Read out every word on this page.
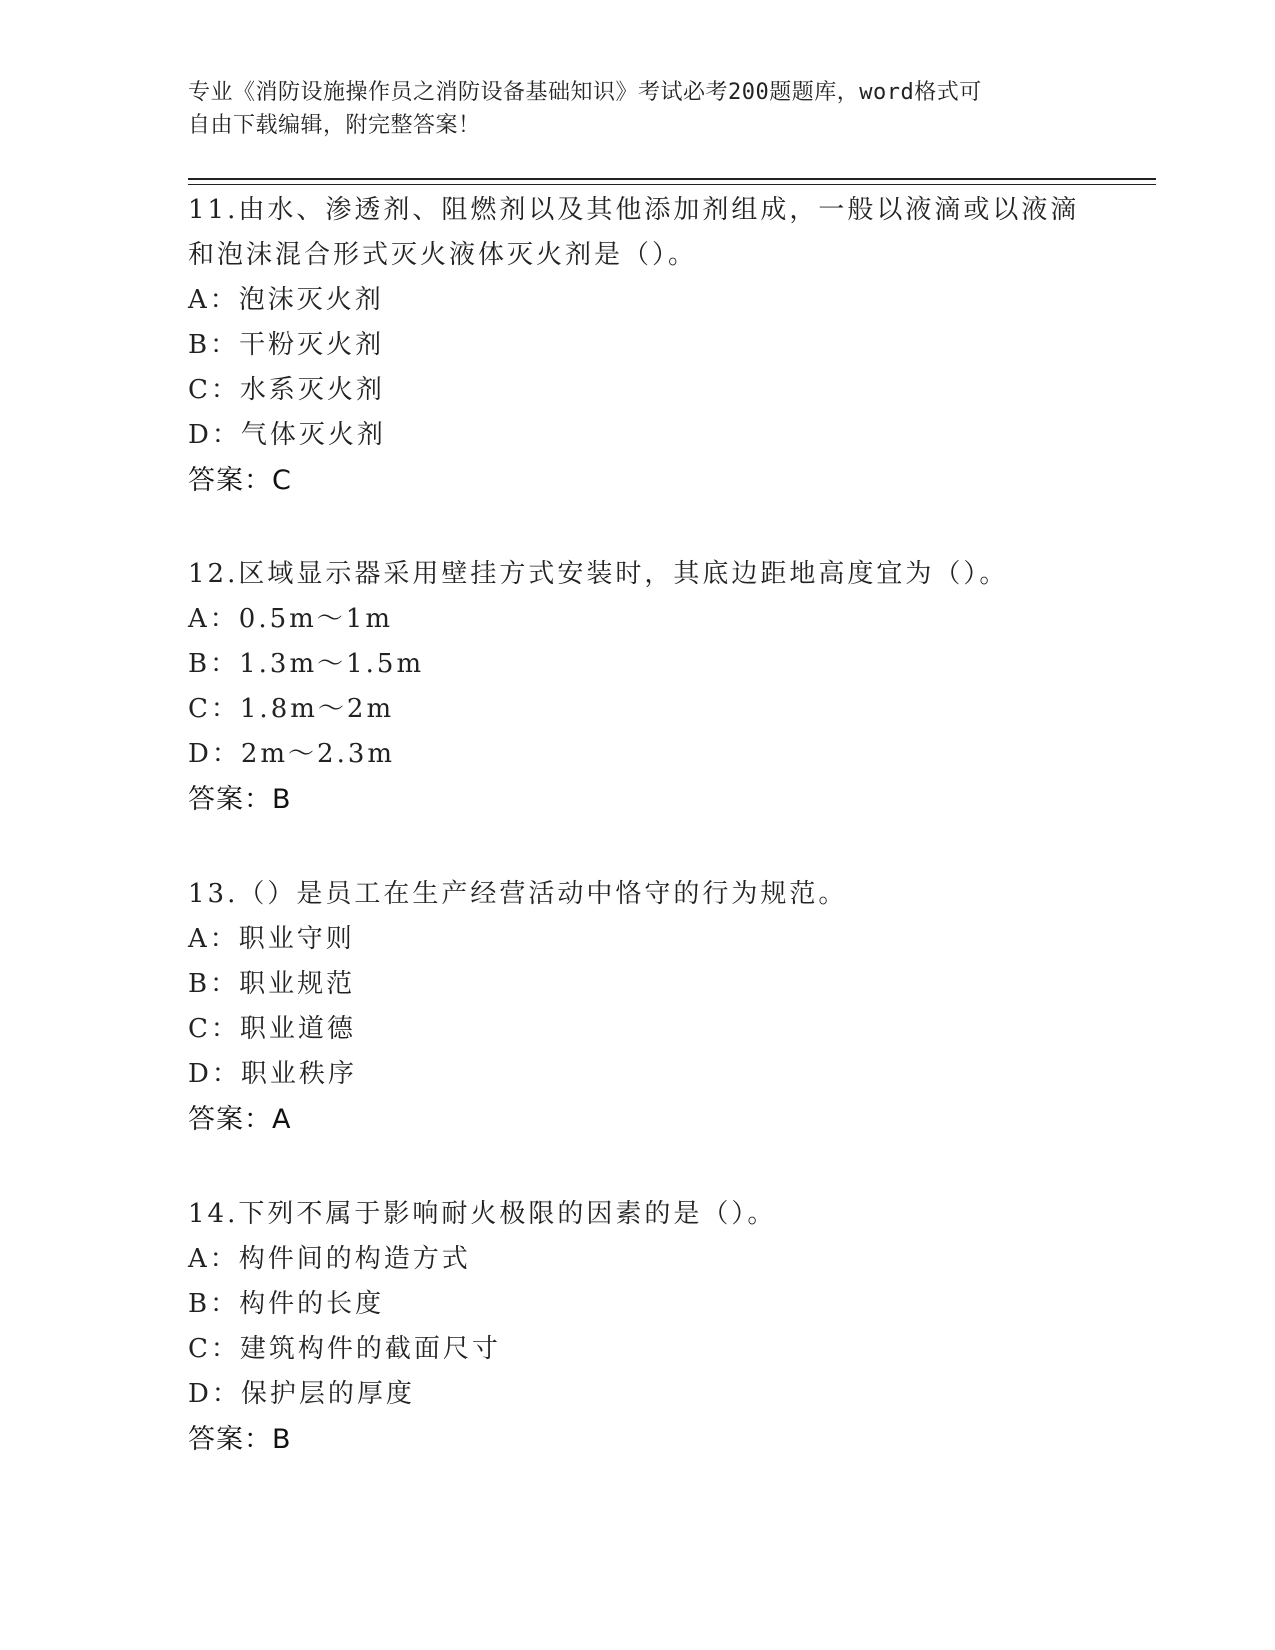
专业《消防设施操作员之消防设备基础知识》考试必考200题题库，word格式可
自由下载编辑，附完整答案！
11.由水、渗透剂、阻燃剂以及其他添加剂组成，一般以液滴或以液滴
和泡沫混合形式灭火液体灭火剂是（）。
A：泡沫灭火剂
B：干粉灭火剂
C：水系灭火剂
D：气体灭火剂
答案：C
12.区域显示器采用壁挂方式安装时，其底边距地高度宜为（）。
A：0.5m～1m
B：1.3m～1.5m
C：1.8m～2m
D：2m～2.3m
答案：B
13.（）是员工在生产经营活动中恪守的行为规范。
A：职业守则
B：职业规范
C：职业道德
D：职业秩序
答案：A
14.下列不属于影响耐火极限的因素的是（）。
A：构件间的构造方式
B：构件的长度
C：建筑构件的截面尺寸
D：保护层的厚度
答案：B
